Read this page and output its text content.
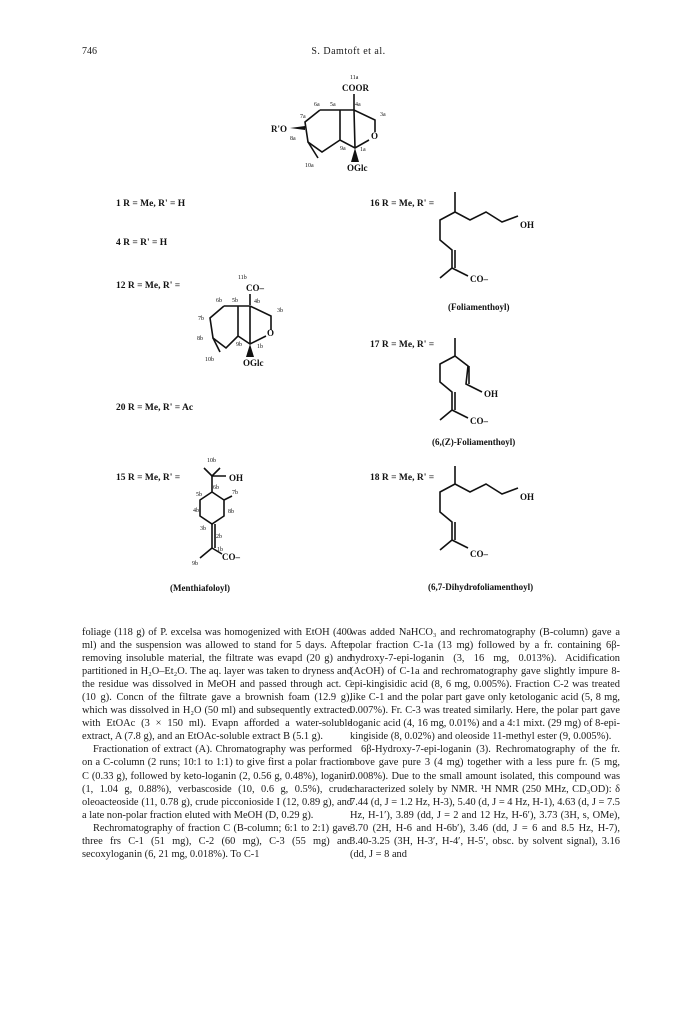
746	S. Damtoft et al.
11a
COOR
6a 5a	4a
3a
7a
R'O
O
8a
9a 1a
10a	OGlc
1 R = Me, R' = H
4 R = R' = H
12 R = Me, R' =
20 R = Me, R' = Ac
15 R = Me, R' =
11b
CO–
6b 5b	4b
3b
7b
O
8b
9b	1b
10b	OGlc
10b
OH
6b
5b	7b
4b	8b
3b
2b
1b
9b
CO–
(Menthiafoloyl)
16 R = Me, R' =
OH
CO–
(Foliamenthoyl)
17 R = Me, R' =
OH
CO–
(6,(Z)-Foliamenthoyl)
18 R = Me, R' =
OH
CO–
(6,7-Dihydrofoliamenthoyl)

foliage (118 g) of P. excelsa was homogenized with EtOH (400 ml) and the suspension was allowed to stand for 5 days. After removing insoluble material, the filtrate was evapd (20 g) and partitioned in H₂O–Et₂O. The aq. layer was taken to dryness and the residue was dissolved in MeOH and passed through act. C (10 g). Concn of the filtrate gave a brownish foam (12.9 g), which was dissolved in H₂O (50 ml) and subsequently extracted with EtOAc (3 × 150 ml). Evapn afforded a water-soluble extract, A (7.8 g), and an EtOAc-soluble extract B (5.1 g).

Fractionation of extract (A). Chromatography was performed on a C-column (2 runs; 10:1 to 1:1) to give first a polar fraction C (0.33 g), followed by keto-loganin (2, 0.56 g, 0.48%), loganin (1, 1.04 g, 0.88%), verbascoside (10, 0.6 g, 0.5%), crude oleoacteoside (11, 0.78 g), crude picconioside I (12, 0.89 g), and a late non-polar fraction eluted with MeOH (D, 0.29 g).

Rechromatography of fraction C (B-column; 6:1 to 2:1) gave three frs C-1 (51 mg), C-2 (60 mg), C-3 (55 mg) and secoxyloganin (6, 21 mg, 0.018%). To C-1

was added NaHCO₃ and rechromatography (B-column) gave a polar fraction C-1a (13 mg) followed by a fr. containing 6β-hydroxy-7-epi-loganin (3, 16 mg, 0.013%). Acidification (AcOH) of C-1a and rechromatography gave slightly impure 8-epi-kingisidic acid (8, 6 mg, 0.005%). Fraction C-2 was treated like C-1 and the polar part gave only ketologanic acid (5, 8 mg, 0.007%). Fr. C-3 was treated similarly. Here, the polar part gave loganic acid (4, 16 mg, 0.01%) and a 4:1 mixt. (29 mg) of 8-epi-kingiside (8, 0.02%) and oleoside 11-methyl ester (9, 0.005%).

6β-Hydroxy-7-epi-loganin (3). Rechromatography of the fr. above gave pure 3 (4 mg) together with a less pure fr. (5 mg, 0.008%). Due to the small amount isolated, this compound was characterized solely by NMR. ¹H NMR (250 MHz, CD₃OD): δ 7.44 (d, J = 1.2 Hz, H-3), 5.40 (d, J = 4 Hz, H-1), 4.63 (d, J = 7.5 Hz, H-1′), 3.89 (dd, J = 2 and 12 Hz, H-6′), 3.73 (3H, s, OMe), 3.70 (2H, H-6 and H-6b′), 3.46 (dd, J = 6 and 8.5 Hz, H-7), 3.40-3.25 (3H, H-3′, H-4′, H-5′, obsc. by solvent signal), 3.16 (dd, J = 8 and
